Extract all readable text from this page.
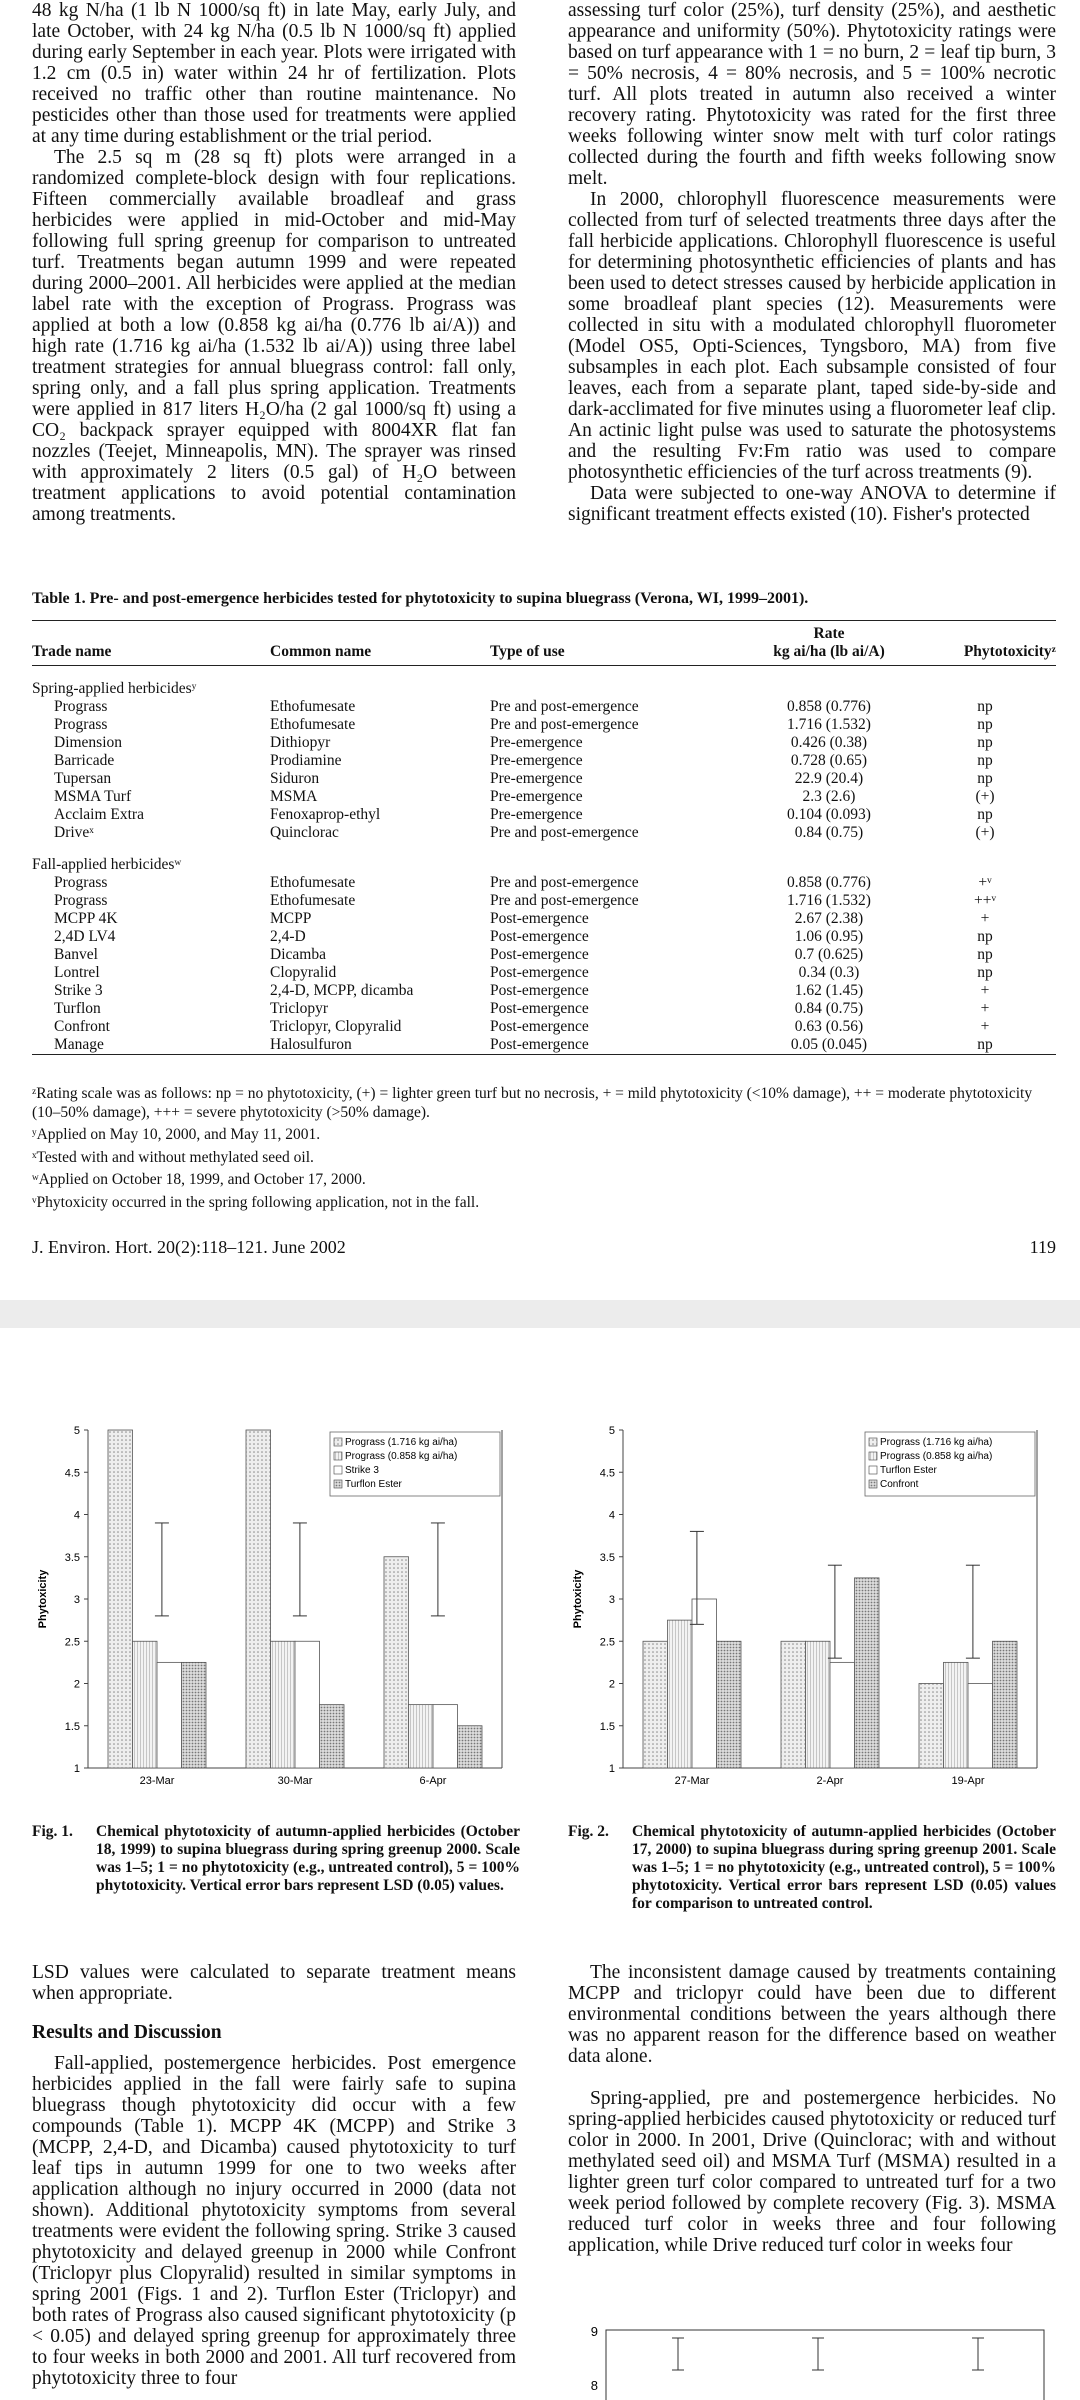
48 kg N/ha (1 lb N 1000/sq ft) in late May, early July, and late October, with 24 kg N/ha (0.5 lb N 1000/sq ft) applied during early September in each year. Plots were irrigated with 1.2 cm (0.5 in) water within 24 hr of fertilization. Plots received no traffic other than routine maintenance. No pesticides other than those used for treatments were applied at any time during establishment or the trial period.

The 2.5 sq m (28 sq ft) plots were arranged in a randomized complete-block design with four replications. Fifteen commercially available broadleaf and grass herbicides were applied in mid-October and mid-May following full spring greenup for comparison to untreated turf. Treatments began autumn 1999 and were repeated during 2000–2001. All herbicides were applied at the median label rate with the exception of Prograss. Prograss was applied at both a low (0.858 kg ai/ha (0.776 lb ai/A)) and high rate (1.716 kg ai/ha (1.532 lb ai/A)) using three label treatment strategies for annual bluegrass control: fall only, spring only, and a fall plus spring application. Treatments were applied in 817 liters H₂O/ha (2 gal 1000/sq ft) using a CO₂ backpack sprayer equipped with 8004XR flat fan nozzles (Teejet, Minneapolis, MN). The sprayer was rinsed with approximately 2 liters (0.5 gal) of H₂O between treatment applications to avoid potential contamination among treatments.

assessing turf color (25%), turf density (25%), and aesthetic appearance and uniformity (50%). Phytotoxicity ratings were based on turf appearance with 1 = no burn, 2 = leaf tip burn, 3 = 50% necrosis, 4 = 80% necrosis, and 5 = 100% necrotic turf. All plots treated in autumn also received a winter recovery rating. Phytotoxicity was rated for the first three weeks following winter snow melt with turf color ratings collected during the fourth and fifth weeks following snow melt.

In 2000, chlorophyll fluorescence measurements were collected from turf of selected treatments three days after the fall herbicide applications. Chlorophyll fluorescence is useful for determining photosynthetic efficiencies of plants and has been used to detect stresses caused by herbicide application in some broadleaf plant species (12). Measurements were collected in situ with a modulated chlorophyll fluorometer (Model OS5, Opti-Sciences, Tyngsboro, MA) from five subsamples in each plot. Each subsample consisted of four leaves, each from a separate plant, taped side-by-side and dark-acclimated for five minutes using a fluorometer leaf clip. An actinic light pulse was used to saturate the photosystems and the resulting Fv:Fm ratio was used to compare photosynthetic efficiencies of the turf across treatments (9).

Data were subjected to one-way ANOVA to determine if significant treatment effects existed (10). Fisher's protected

Table 1. Pre- and post-emergence herbicides tested for phytotoxicity to supina bluegrass (Verona, WI, 1999–2001).
Trade name	Common name	Type of use	Rate
kg ai/ha (lb ai/A)	Phytotoxicityᶻ
Spring-applied herbicidesʸ				
Prograss	Ethofumesate	Pre and post-emergence	0.858 (0.776)	np
Prograss	Ethofumesate	Pre and post-emergence	1.716 (1.532)	np
Dimension	Dithiopyr	Pre-emergence	0.426 (0.38)	np
Barricade	Prodiamine	Pre-emergence	0.728 (0.65)	np
Tupersan	Siduron	Pre-emergence	22.9 (20.4)	np
MSMA Turf	MSMA	Pre-emergence	2.3 (2.6)	(+)
Acclaim Extra	Fenoxaprop-ethyl	Pre-emergence	0.104 (0.093)	np
Driveˣ	Quinclorac	Pre and post-emergence	0.84 (0.75)	(+)
Fall-applied herbicidesʷ				
Prograss	Ethofumesate	Pre and post-emergence	0.858 (0.776)	+ᵛ
Prograss	Ethofumesate	Pre and post-emergence	1.716 (1.532)	++ᵛ
MCPP 4K	MCPP	Post-emergence	2.67 (2.38)	+
2,4D LV4	2,4-D	Post-emergence	1.06 (0.95)	np
Banvel	Dicamba	Post-emergence	0.7 (0.625)	np
Lontrel	Clopyralid	Post-emergence	0.34 (0.3)	np
Strike 3	2,4-D, MCPP, dicamba	Post-emergence	1.62 (1.45)	+
Turflon	Triclopyr	Post-emergence	0.84 (0.75)	+
Confront	Triclopyr, Clopyralid	Post-emergence	0.63 (0.56)	+
Manage	Halosulfuron	Post-emergence	0.05 (0.045)	np

ᶻRating scale was as follows: np = no phytotoxicity, (+) = lighter green turf but no necrosis, + = mild phytotoxicity (<10% damage), ++ = moderate phytotoxicity (10–50% damage), +++ = severe phytotoxicity (>50% damage).

ʸApplied on May 10, 2000, and May 11, 2001.

ˣTested with and without methylated seed oil.

ʷApplied on October 18, 1999, and October 17, 2000.

ᵛPhytoxicity occurred in the spring following application, not in the fall.

J. Environ. Hort. 20(2):118–121. June 2002	119
1
1.5
2
2.5
3
3.5
4
4.5
5
Phytoxicity
23-Mar	30-Mar	6-Apr
Prograss (1.716 kg ai/ha)
Prograss (0.858 kg ai/ha)
Strike 3
Turflon Ester
1
1.5
2
2.5
3
3.5
4
4.5
5
Phytoxicity
27-Mar	2-Apr	19-Apr
Prograss (1.716 kg ai/ha)
Prograss (0.858 kg ai/ha)
Turflon Ester
Confront
Fig. 1. Chemical phytotoxicity of autumn-applied herbicides (October 18, 1999) to supina bluegrass during spring greenup 2000. Scale was 1–5; 1 = no phytotoxicity (e.g., untreated control), 5 = 100% phytotoxicity. Vertical error bars represent LSD (0.05) values.
Fig. 2. Chemical phytotoxicity of autumn-applied herbicides (October 17, 2000) to supina bluegrass during spring greenup 2001. Scale was 1–5; 1 = no phytotoxicity (e.g., untreated control), 5 = 100% phytotoxicity. Vertical error bars represent LSD (0.05) values for comparison to untreated control.

LSD values were calculated to separate treatment means when appropriate.

Results and Discussion

Fall-applied, postemergence herbicides. Post emergence herbicides applied in the fall were fairly safe to supina bluegrass though phytotoxicity did occur with a few compounds (Table 1). MCPP 4K (MCPP) and Strike 3 (MCPP, 2,4-D, and Dicamba) caused phytotoxicity to turf leaf tips in autumn 1999 for one to two weeks after application although no injury occurred in 2000 (data not shown). Additional phytotoxicity symptoms from several treatments were evident the following spring. Strike 3 caused phytotoxicity and delayed greenup in 2000 while Confront (Triclopyr plus Clopyralid) resulted in similar symptoms in spring 2001 (Figs. 1 and 2). Turflon Ester (Triclopyr) and both rates of Prograss also caused significant phytotoxicity (p < 0.05) and delayed spring greenup for approximately three to four weeks in both 2000 and 2001. All turf recovered from phytotoxicity three to four

The inconsistent damage caused by treatments containing MCPP and triclopyr could have been due to different environmental conditions between the years although there was no apparent reason for the difference based on weather data alone.

Spring-applied, pre and postemergence herbicides. No spring-applied herbicides caused phytotoxicity or reduced turf color in 2000. In 2001, Drive (Quinclorac; with and without methylated seed oil) and MSMA Turf (MSMA) resulted in a lighter green turf color compared to untreated turf for a two week period followed by complete recovery (Fig. 3). MSMA reduced turf color in weeks three and four following application, while Drive reduced turf color in weeks four

9
8
